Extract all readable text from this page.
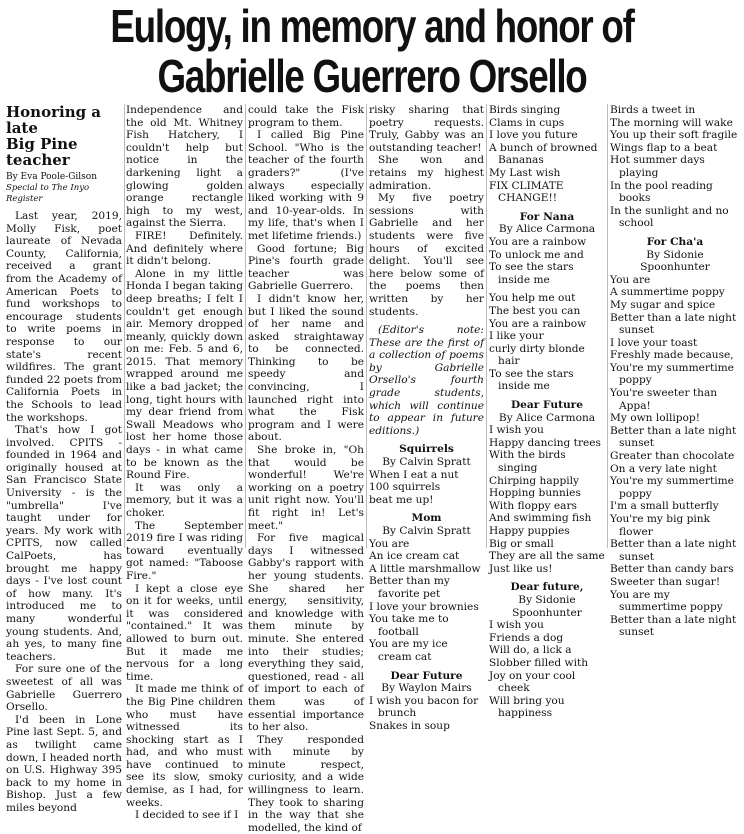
Eulogy, in memory and honor of
Gabrielle Guerrero Orsello
Honoring a late
Big Pine teacher
By Eva Poole-Gilson
Special to The Inyo Register

Last year, 2019, Molly Fisk, poet laureate of Nevada County, California, received a grant from the Academy of American Poets to fund workshops to encourage students to write poems in response to our state's recent wildfires. The grant funded 22 poets from California Poets in the Schools to lead the workshops.

That's how I got involved. CPITS - founded in 1964 and originally housed at San Francisco State University - is the "umbrella" I've taught under for years. My work with CPITS, now called CalPoets, has brought me happy days - I've lost count of how many. It's introduced me to many wonderful young students. And, ah yes, to many fine teachers.

For sure one of the sweetest of all was Gabrielle Guerrero Orsello.

I'd been in Lone Pine last Sept. 5, and as twilight came down, I headed north on U.S. Highway 395 back to my home in Bishop. Just a few miles beyond

Independence and the old Mt. Whitney Fish Hatchery, I couldn't help but notice in the darkening light a glowing golden orange rectangle high to my west, against the Sierra.

FIRE! Definitely. And definitely where it didn't belong.

Alone in my little Honda I began taking deep breaths; I felt I couldn't get enough air. Memory dropped meanly, quickly down on me: Feb. 5 and 6, 2015. That memory wrapped around me like a bad jacket; the long, tight hours with my dear friend from Swall Meadows who lost her home those days - in what came to be known as the Round Fire.

It was only a memory, but it was a choker.

The September 2019 fire I was riding toward eventually got named: "Taboose Fire."

I kept a close eye on it for weeks, until it was considered "contained." It was allowed to burn out. But it made me nervous for a long time.

It made me think of the Big Pine children who must have witnessed its shocking start as I had, and who must have continued to see its slow, smoky demise, as I had, for weeks.

I decided to see if I

could take the Fisk program to them.

I called Big Pine School. "Who is the teacher of the fourth graders?" (I've always especially liked working with 9 and 10-year-olds. In my life, that's when I met lifetime friends.)

Good fortune; Big Pine's fourth grade teacher was Gabrielle Guerrero.

I didn't know her, but I liked the sound of her name and asked straightaway to be connected. Thinking to be speedy and convincing, I launched right into what the Fisk program and I were about.

She broke in, "Oh that would be wonderful! We're working on a poetry unit right now. You'll fit right in! Let's meet."

For five magical days I witnessed Gabby's rapport with her young students. She shared her energy, sensitivity, and knowledge with them minute by minute. She entered into their studies; everything they said, questioned, read - all of import to each of them was of essential importance to her also.

They responded with minute by minute respect, curiosity, and a wide willingness to learn. They took to sharing in the way that she modelled, the kind of

risky sharing that poetry requests. Truly, Gabby was an outstanding teacher!

She won and retains my highest admiration.

My five poetry sessions with Gabrielle and her students were five hours of excited delight. You'll see here below some of the poems then written by her students.

(Editor's note: These are the first of a collection of poems by Gabrielle Orsello's fourth grade students, which will continue to appear in future editions.)

Squirrels
By Calvin Spratt
When I eat a nut
100 squirrels
beat me up!
Mom
By Calvin Spratt
You are
An ice cream cat
A little marshmallow
Better than my favorite pet
I love your brownies
You take me to football
You are my ice cream cat
Dear Future
By Waylon Mairs
I wish you bacon for brunch
Snakes in soup
Birds singing
Clams in cups
I love you future
A bunch of browned Bananas
My Last wish
FIX CLIMATE CHANGE!!
For Nana
By Alice Carmona
You are a rainbow
To unlock me and
To see the stars inside me
You help me out
The best you can
You are a rainbow
I like your
curly dirty blonde hair
To see the stars inside me
Dear Future
By Alice Carmona
I wish you
Happy dancing trees
With the birds singing
Chirping happily
Hopping bunnies
With floppy ears
And swimming fish
Happy puppies
Big or small
They are all the same
Just like us!
Dear future,
By Sidonie Spoonhunter
I wish you
Friends a dog
Will do, a lick a
Slobber filled with
Joy on your cool cheek
Will bring you happiness
Birds a tweet in
The morning will wake
You up their soft fragile
Wings flap to a beat
Hot summer days playing
In the pool reading books
In the sunlight and no school
For Cha'a
By Sidonie Spoonhunter
You are
A summertime poppy
My sugar and spice
Better than a late night sunset
I love your toast
Freshly made because,
You're my summertime poppy
You're sweeter than Appa!
My own lollipop!
Better than a late night sunset
Greater than chocolate
On a very late night
You're my summertime poppy
I'm a small butterfly
You're my big pink flower
Better than a late night sunset
Better than candy bars
Sweeter than sugar!
You are my summertime poppy
Better than a late night sunset
